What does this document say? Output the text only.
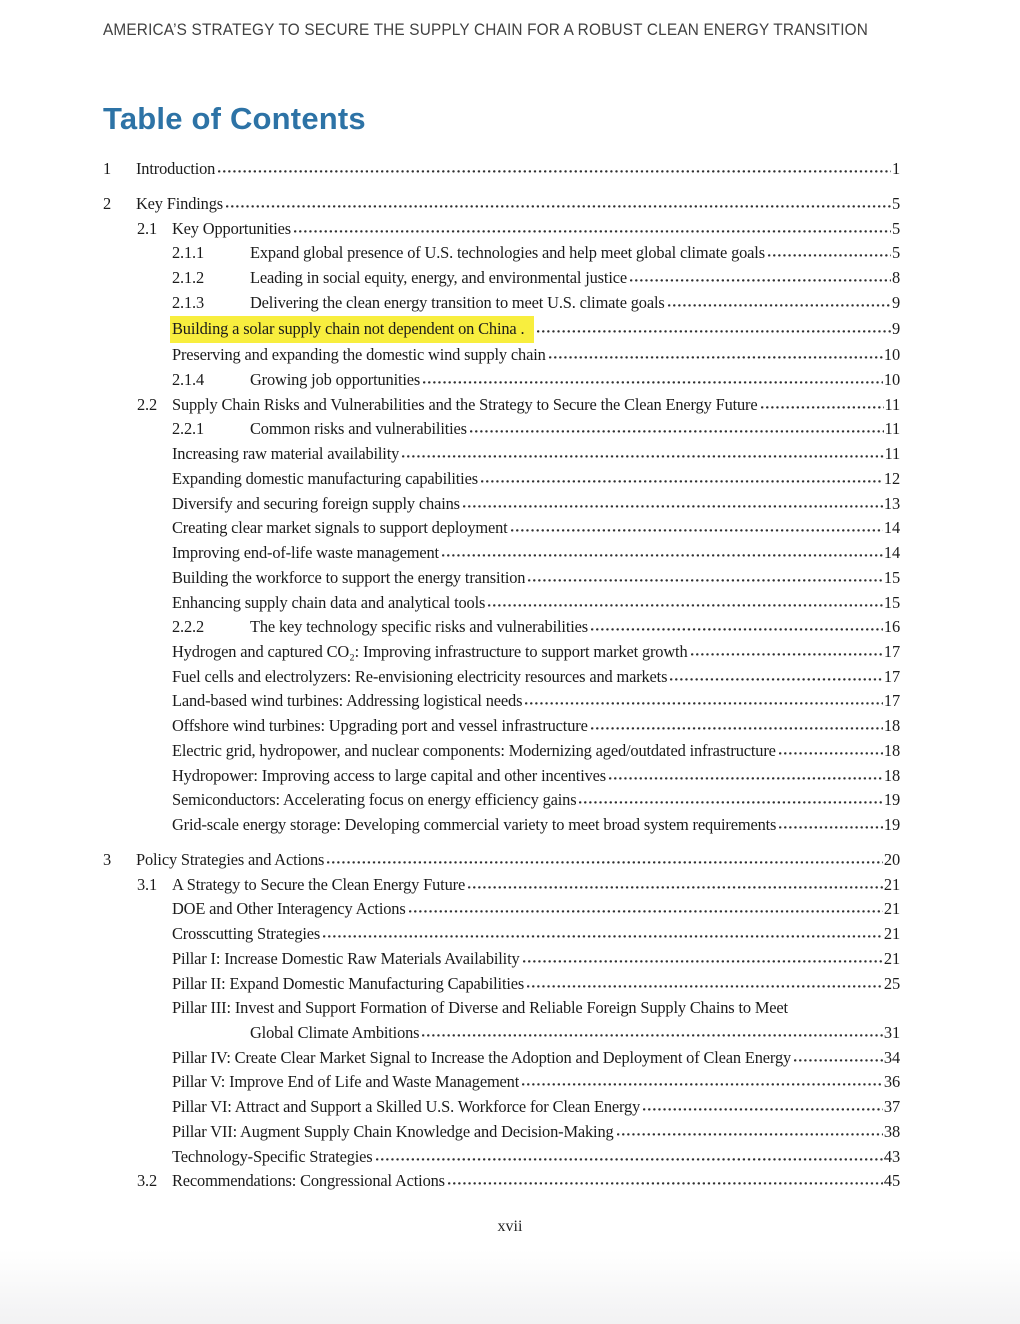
AMERICA’S STRATEGY TO SECURE THE SUPPLY CHAIN FOR A ROBUST CLEAN ENERGY TRANSITION
Table of Contents
1	Introduction	1
2	Key Findings	5
2.1 Key Opportunities	5
2.1.1	Expand global presence of U.S. technologies and help meet global climate goals	5
2.1.2	Leading in social equity, energy, and environmental justice	8
2.1.3	Delivering the clean energy transition to meet U.S. climate goals	9
Building a solar supply chain not dependent on China .	9
Preserving and expanding the domestic wind supply chain	10
2.1.4	Growing job opportunities	10
2.2 Supply Chain Risks and Vulnerabilities and the Strategy to Secure the Clean Energy Future	11
2.2.1	Common risks and vulnerabilities	11
Increasing raw material availability	11
Expanding domestic manufacturing capabilities	12
Diversify and securing foreign supply chains	13
Creating clear market signals to support deployment	14
Improving end-of-life waste management	14
Building the workforce to support the energy transition	15
Enhancing supply chain data and analytical tools	15
2.2.2	The key technology specific risks and vulnerabilities	16
Hydrogen and captured CO₂: Improving infrastructure to support market growth	17
Fuel cells and electrolyzers: Re-envisioning electricity resources and markets	17
Land-based wind turbines: Addressing logistical needs	17
Offshore wind turbines: Upgrading port and vessel infrastructure	18
Electric grid, hydropower, and nuclear components: Modernizing aged/outdated infrastructure	18
Hydropower: Improving access to large capital and other incentives	18
Semiconductors: Accelerating focus on energy efficiency gains	19
Grid-scale energy storage: Developing commercial variety to meet broad system requirements	19
3	Policy Strategies and Actions	20
3.1 A Strategy to Secure the Clean Energy Future	21
DOE and Other Interagency Actions	21
Crosscutting Strategies	21
Pillar I: Increase Domestic Raw Materials Availability	21
Pillar II: Expand Domestic Manufacturing Capabilities	25
Pillar III: Invest and Support Formation of Diverse and Reliable Foreign Supply Chains to Meet
Global Climate Ambitions	31
Pillar IV: Create Clear Market Signal to Increase the Adoption and Deployment of Clean Energy	34
Pillar V: Improve End of Life and Waste Management	36
Pillar VI: Attract and Support a Skilled U.S. Workforce for Clean Energy	37
Pillar VII: Augment Supply Chain Knowledge and Decision-Making	38
Technology-Specific Strategies	43
3.2 Recommendations: Congressional Actions	45
xvii
